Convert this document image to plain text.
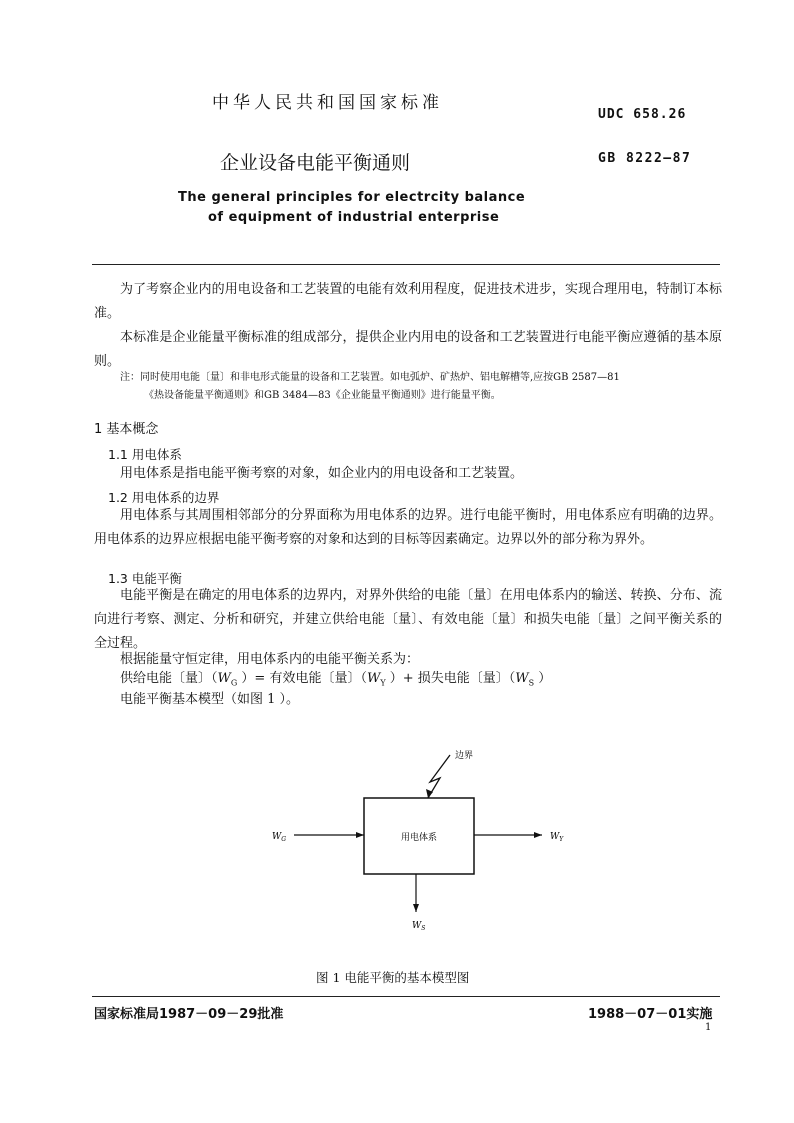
中华人民共和国国家标准
UDC 658.26
企业设备电能平衡通则	GB 8222—87
The general principles for electrcity balance
of equipment of industrial enterprise
为了考察企业内的用电设备和工艺装置的电能有效利用程度，促进技术进步，实现合理用电，特制订本标准。
本标准是企业能量平衡标准的组成部分，提供企业内用电的设备和工艺装置进行电能平衡应遵循的基本原则。
注：同时使用电能〔量〕和非电形式能量的设备和工艺装置。如电弧炉、矿热炉、铝电解槽等,应按GB 2587—81
《热设备能量平衡通则》和GB 3484—83《企业能量平衡通则》进行能量平衡。
1 基本概念
1.1 用电体系
用电体系是指电能平衡考察的对象，如企业内的用电设备和工艺装置。
1.2 用电体系的边界
用电体系与其周围相邻部分的分界面称为用电体系的边界。进行电能平衡时，用电体系应有明确的边界。用电体系的边界应根据电能平衡考察的对象和达到的目标等因素确定。边界以外的部分称为界外。
1.3 电能平衡
电能平衡是在确定的用电体系的边界内，对界外供给的电能〔量〕在用电体系内的输送、转换、分布、流向进行考察、测定、分析和研究，并建立供给电能〔量〕、有效电能〔量〕和损失电能〔量〕之间平衡关系的全过程。
根据能量守恒定律，用电体系内的电能平衡关系为：
供给电能〔量〕（$W_G$ ）= 有效电能〔量〕（$W_Y$ ）+ 损失电能〔量〕（$W_S$ ）
电能平衡基本模型（如图 1 ）。
用电体系
边界
$W_G$	$W_Y$
$W_S$
图 1 电能平衡的基本模型图
国家标准局1987－09－29批准	1988－07－01实施
1
